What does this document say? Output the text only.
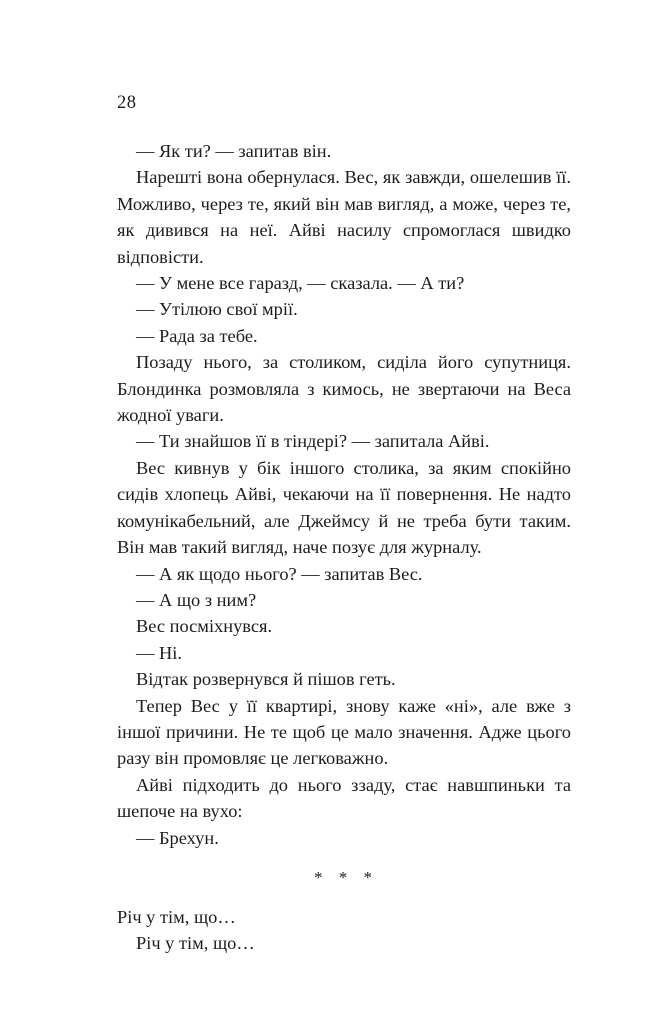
28

— Як ти? — запитав він.

Нарешті вона обернулася. Вес, як завжди, ошелешив її. Можливо, через те, який він мав вигляд, а може, через те, як дивився на неї. Айві насилу спромоглася швидко відповісти.

— У мене все гаразд, — сказала. — А ти?

— Утілюю свої мрії.

— Рада за тебе.

Позаду нього, за столиком, сиділа його супутниця. Блондинка розмовляла з кимось, не звертаючи на Веса жодної уваги.

— Ти знайшов її в тіндері? — запитала Айві.

Вес кивнув у бік іншого столика, за яким спокійно сидів хлопець Айві, чекаючи на її повернення. Не надто комунікабельний, але Джеймсу й не треба бути таким. Він мав такий вигляд, наче позує для журналу.

— А як щодо нього? — запитав Вес.

— А що з ним?

Вес посміхнувся.

— Ні.

Відтак розвернувся й пішов геть.

Тепер Вес у її квартирі, знову каже «ні», але вже з іншої причини. Не те щоб це мало значення. Адже цього разу він промовляє це легковажно.

Айві підходить до нього ззаду, стає навшпиньки та шепоче на вухо:

— Брехун.

* * *

Річ у тім, що…

Річ у тім, що…
